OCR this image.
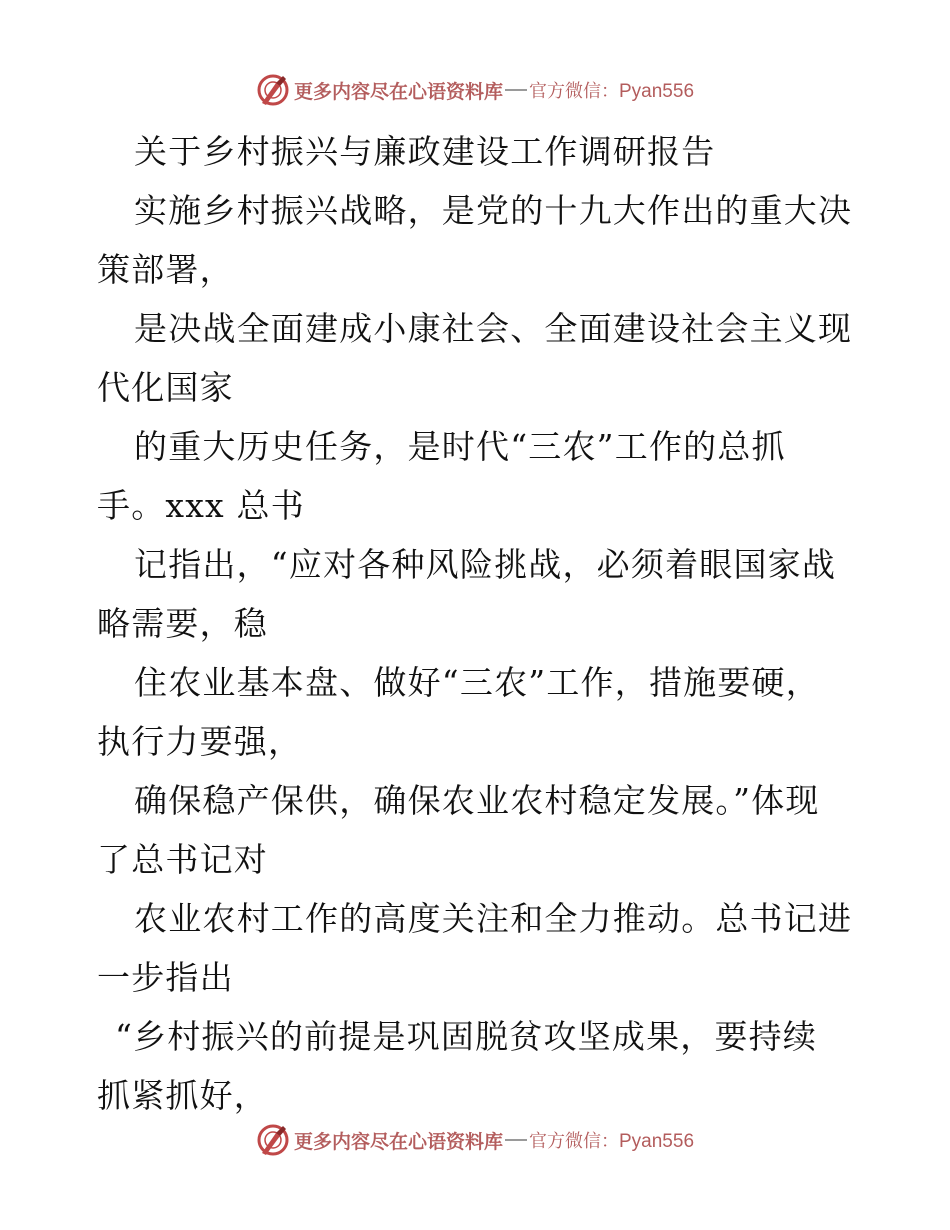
更多内容尽在心语资料库 官方微信：Pyan556
关于乡村振兴与廉政建设工作调研报告
实施乡村振兴战略，是党的十九大作出的重大决
策部署，
是决战全面建成小康社会、全面建设社会主义现
代化国家
的重大历史任务，是时代“三农”工作的总抓
手。xxx 总书
记指出，“应对各种风险挑战，必须着眼国家战
略需要，稳
住农业基本盘、做好“三农”工作，措施要硬，
执行力要强，
确保稳产保供，确保农业农村稳定发展。”体现
了总书记对
农业农村工作的高度关注和全力推动。总书记进
一步指出
“乡村振兴的前提是巩固脱贫攻坚成果，要持续
抓紧抓好，
更多内容尽在心语资料库 官方微信：Pyan556
